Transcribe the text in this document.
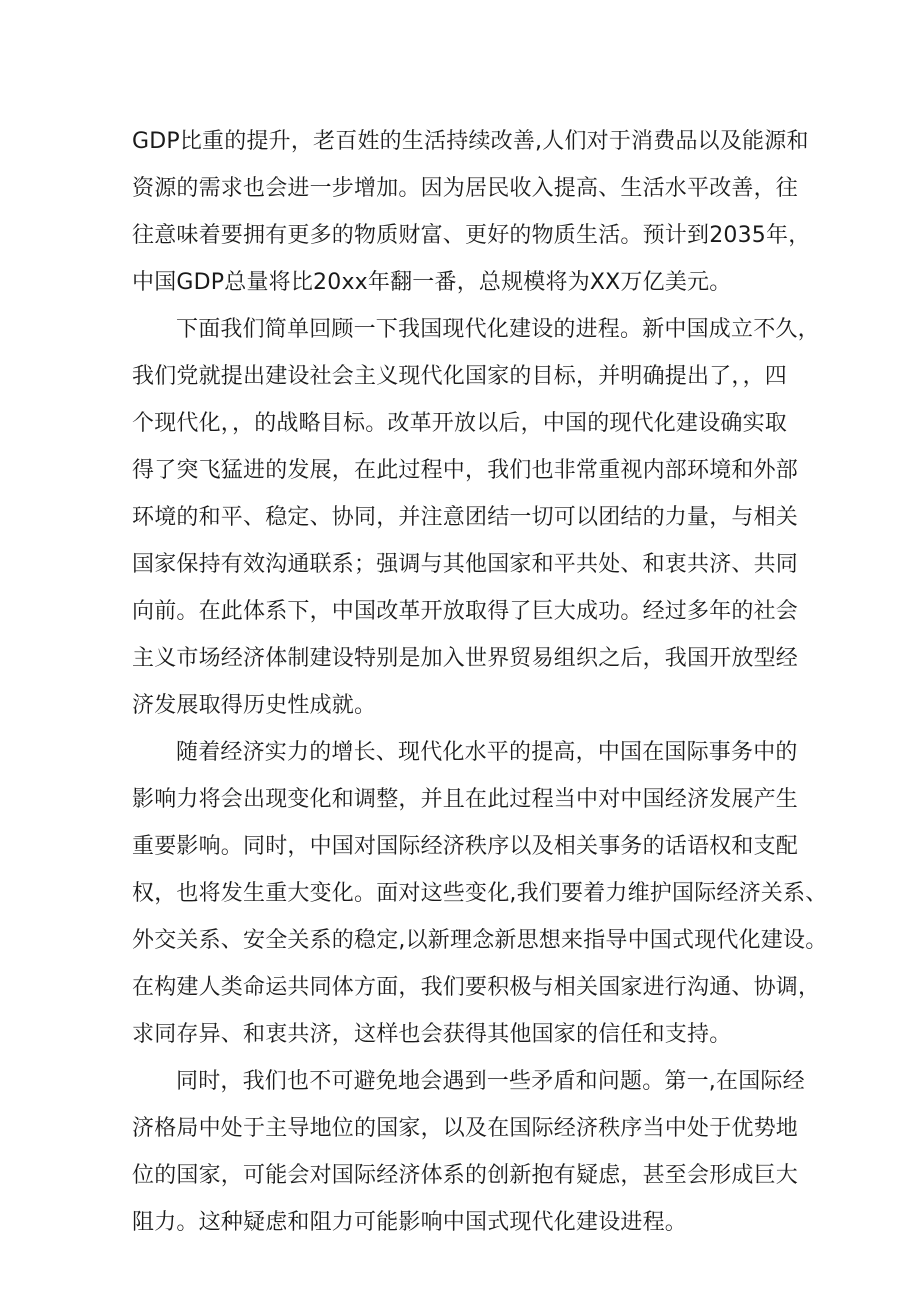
GDP比重的提升，老百姓的生活持续改善,人们对于消费品以及能源和
资源的需求也会进一步增加。因为居民收入提高、生活水平改善，往
往意味着要拥有更多的物质财富、更好的物质生活。预计到2035年，
中国GDP总量将比20xx年翻一番，总规模将为XX万亿美元。
下面我们简单回顾一下我国现代化建设的进程。新中国成立不久，
我们党就提出建设社会主义现代化国家的目标，并明确提出了，，四
个现代化，，的战略目标。改革开放以后，中国的现代化建设确实取
得了突飞猛进的发展，在此过程中，我们也非常重视内部环境和外部
环境的和平、稳定、协同，并注意团结一切可以团结的力量，与相关
国家保持有效沟通联系；强调与其他国家和平共处、和衷共济、共同
向前。在此体系下，中国改革开放取得了巨大成功。经过多年的社会
主义市场经济体制建设特别是加入世界贸易组织之后，我国开放型经
济发展取得历史性成就。
随着经济实力的增长、现代化水平的提高，中国在国际事务中的
影响力将会出现变化和调整，并且在此过程当中对中国经济发展产生
重要影响。同时，中国对国际经济秩序以及相关事务的话语权和支配
权，也将发生重大变化。面对这些变化,我们要着力维护国际经济关系、
外交关系、安全关系的稳定,以新理念新思想来指导中国式现代化建设。
在构建人类命运共同体方面，我们要积极与相关国家进行沟通、协调，
求同存异、和衷共济，这样也会获得其他国家的信任和支持。
同时，我们也不可避免地会遇到一些矛盾和问题。第一,在国际经
济格局中处于主导地位的国家，以及在国际经济秩序当中处于优势地
位的国家，可能会对国际经济体系的创新抱有疑虑，甚至会形成巨大
阻力。这种疑虑和阻力可能影响中国式现代化建设进程。
